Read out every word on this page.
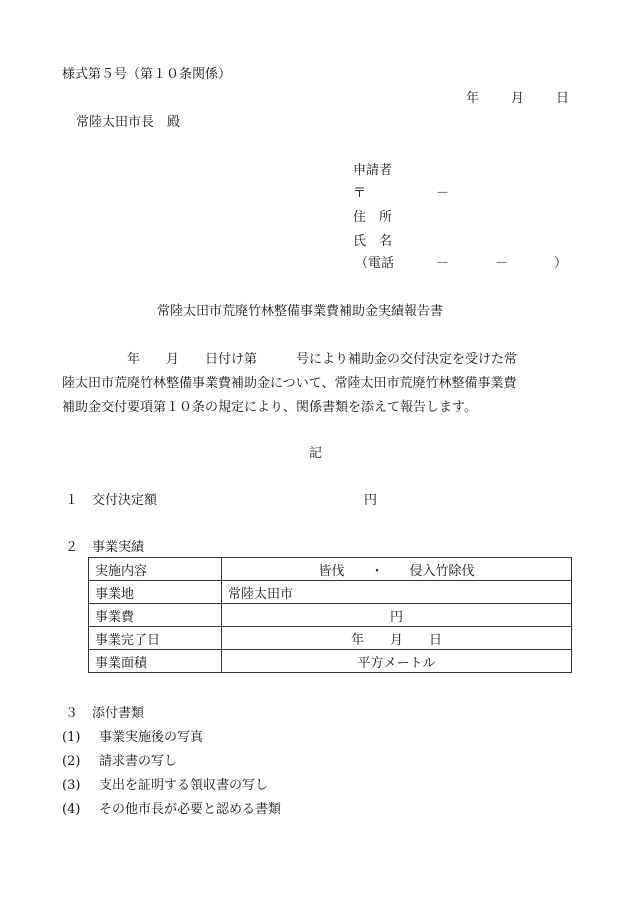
様式第５号（第１０条関係）
年 月 日
常陸太田市長　殿
申請者
〒	－
住　所
氏　名
（電話	－	－	）
常陸太田市荒廃竹林整備事業費補助金実績報告書
　　　　　年　　月　　日付け第　　　号により補助金の交付決定を受けた常
陸太田市荒廃竹林整備事業費補助金について、常陸太田市荒廃竹林整備事業費
補助金交付要項第１０条の規定により、関係書類を添えて報告します。
記
１ 交付決定額	円
２ 事業実績
実施内容	皆伐　　・　　侵入竹除伐
事業地	常陸太田市
事業費	円
事業完了日	年　　月　　日
事業面積	平方メートル
３ 添付書類
(1) 事業実施後の写真
(2) 請求書の写し
(3) 支出を証明する領収書の写し
(4) その他市長が必要と認める書類
